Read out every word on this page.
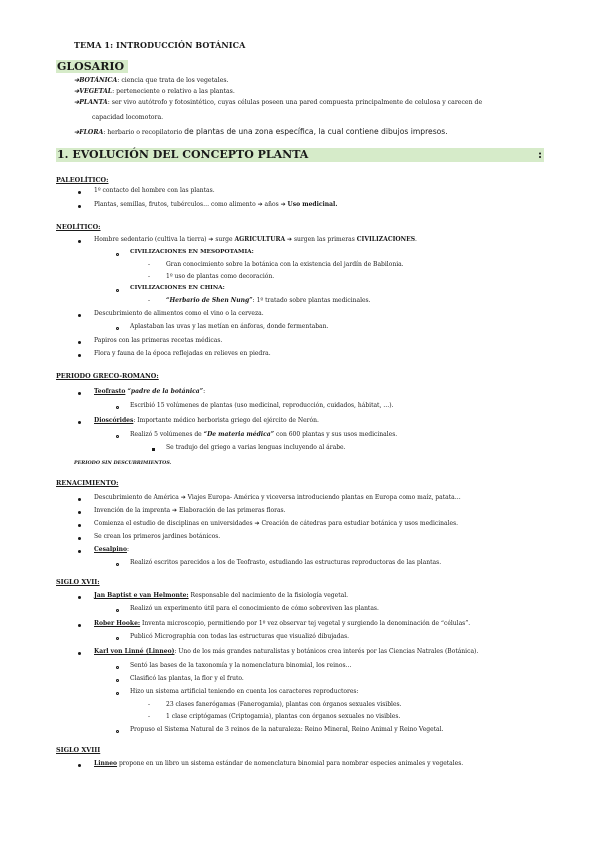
TEMA 1: INTRODUCCIÓN BOTÁNICA
GLOSARIO
➔BOTÁNICA: ciencia que trata de los vegetales.
➔VEGETAL: perteneciente o relativo a las plantas.
➔PLANTA: ser vivo autótrofo y fotosintético, cuyas células poseen una pared compuesta principalmente de celulosa y carecen de
capacidad locomotora.
➔FLORA: herbario o recopilatorio de plantas de una zona específica, la cual contiene dibujos impresos.
1. EVOLUCIÓN DEL CONCEPTO PLANTA	:
PALEOLÍTICO:
1º contacto del hombre con las plantas.
Plantas, semillas, frutos, tubérculos… como alimento ➔ años ➔ Uso medicinal.
NEOLÍTICO:
Hombre sedentario (cultiva la tierra) ➔ surge AGRICULTURA ➔ surgen las primeras CIVILIZACIONES.
CIVILIZACIONES EN MESOPOTAMIA:
-	Gran conocimiento sobre la botánica con la existencia del jardín de Babilonia.
-	1º uso de plantas como decoración.
CIVILIZACIONES EN CHINA:
-	“Herbario de Shen Nung”: 1º tratado sobre plantas medicinales.
Descubrimiento de alimentos como el vino o la cerveza.
Aplastaban las uvas y las metían en ánforas, donde fermentaban.
Papiros con las primeras recetas médicas.
Flora y fauna de la época reflejadas en relieves en piedra.
PERIODO GRECO-ROMANO:
Teofrasto “padre de la botánica”:
Escribió 15 volúmenes de plantas (uso medicinal, reproducción, cuidados, hábitat, …).
Dioscórides: Importante médico herborista griego del ejército de Nerón.
Realizó 5 volúmenes de “De materia médica” con 600 plantas y sus usos medicinales.
Se tradujo del griego a varias lenguas incluyendo al árabe.
PERIODO SIN DESCUBRIMIENTOS.
RENACIMIENTO:
Descubrimiento de América ➔ Viajes Europa- América y viceversa introduciendo plantas en Europa como maíz, patata…
Invención de la imprenta ➔ Elaboración de las primeras floras.
Comienza el estudio de disciplinas en universidades ➔ Creación de cátedras para estudiar botánica y usos medicinales.
Se crean los primeros jardines botánicos.
Cesalpino:
Realizó escritos parecidos a los de Teofrasto, estudiando las estructuras reproductoras de las plantas.
SIGLO XVII:
Jan Baptist e van Helmonte: Responsable del nacimiento de la fisiología vegetal.
Realizó un experimento útil para el conocimiento de cómo sobreviven las plantas.
Rober Hooke: Inventa microscopio, permitiendo por 1º vez observar tej vegetal y surgiendo la denominación de “células”.
Publicó Micrographia con todas las estructuras que visualizó dibujadas.
Karl von Linné (Linneo): Uno de los más grandes naturalistas y botánicos crea interés por las Ciencias Natrales (Botánica).
Sentó las bases de la taxonomía y la nomenclatura binomial, los reinos…
Clasificó las plantas, la flor y el fruto.
Hizo un sistema artificial teniendo en cuenta los caracteres reproductores:
-	23 clases fanerógamas (Fanerogamia), plantas con órganos sexuales visibles.
-	1 clase criptógamas (Criptogamia), plantas con órganos sexuales no visibles.
Propuso el Sistema Natural de 3 reinos de la naturaleza: Reino Mineral, Reino Animal y Reino Vegetal.
SIGLO XVIII
Linneo propone en un libro un sistema estándar de nomenclatura binomial para nombrar especies animales y vegetales.
